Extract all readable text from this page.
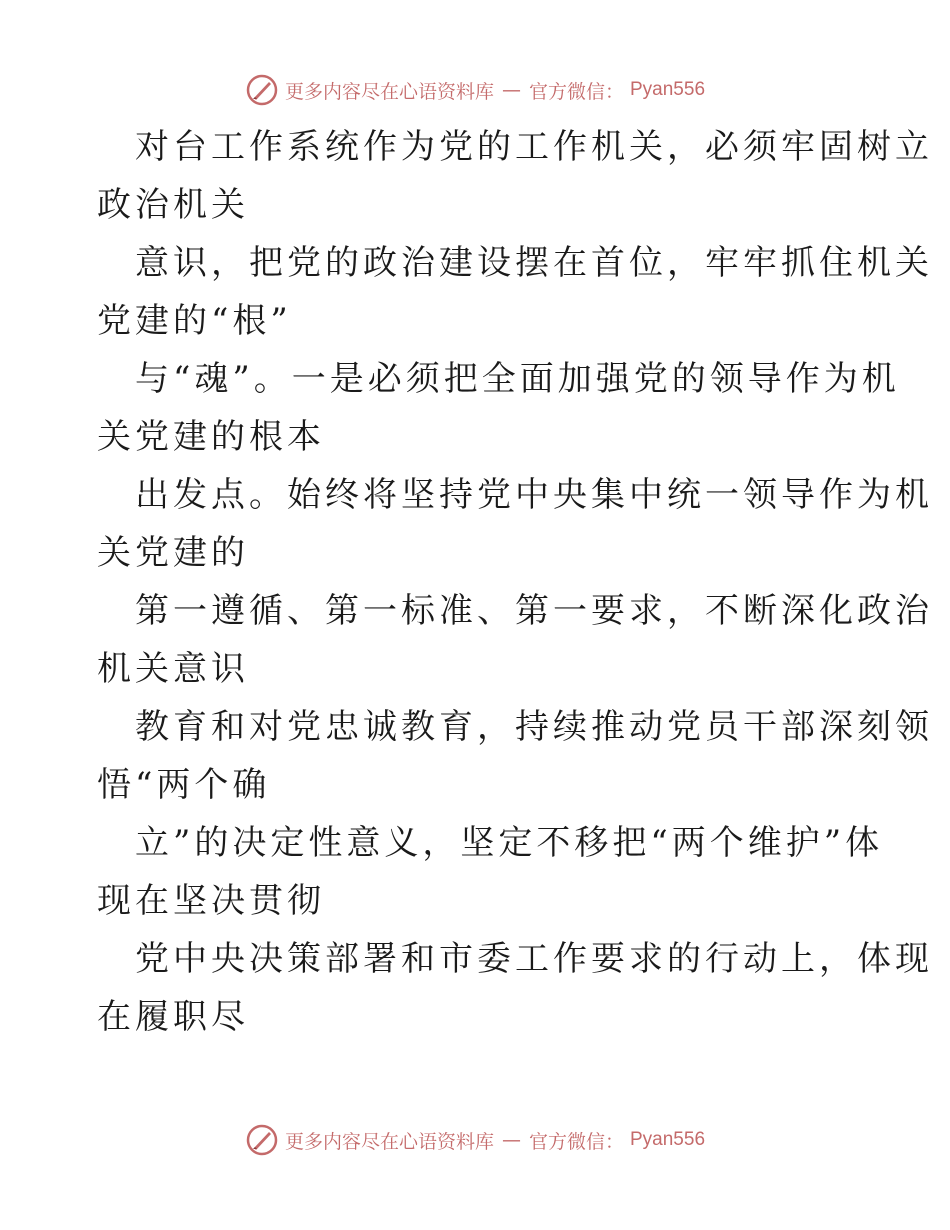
更多内容尽在心语资料库 — 官方微信： Pyan556

对台工作系统作为党的工作机关，必须牢固树立
政治机关

意识，把党的政治建设摆在首位，牢牢抓住机关
党建的“根”

与“魂”。一是必须把全面加强党的领导作为机
关党建的根本

出发点。始终将坚持党中央集中统一领导作为机
关党建的

第一遵循、第一标准、第一要求，不断深化政治
机关意识

教育和对党忠诚教育，持续推动党员干部深刻领
悟“两个确

立”的决定性意义，坚定不移把“两个维护”体
现在坚决贯彻

党中央决策部署和市委工作要求的行动上，体现
在履职尽

更多内容尽在心语资料库 — 官方微信： Pyan556
